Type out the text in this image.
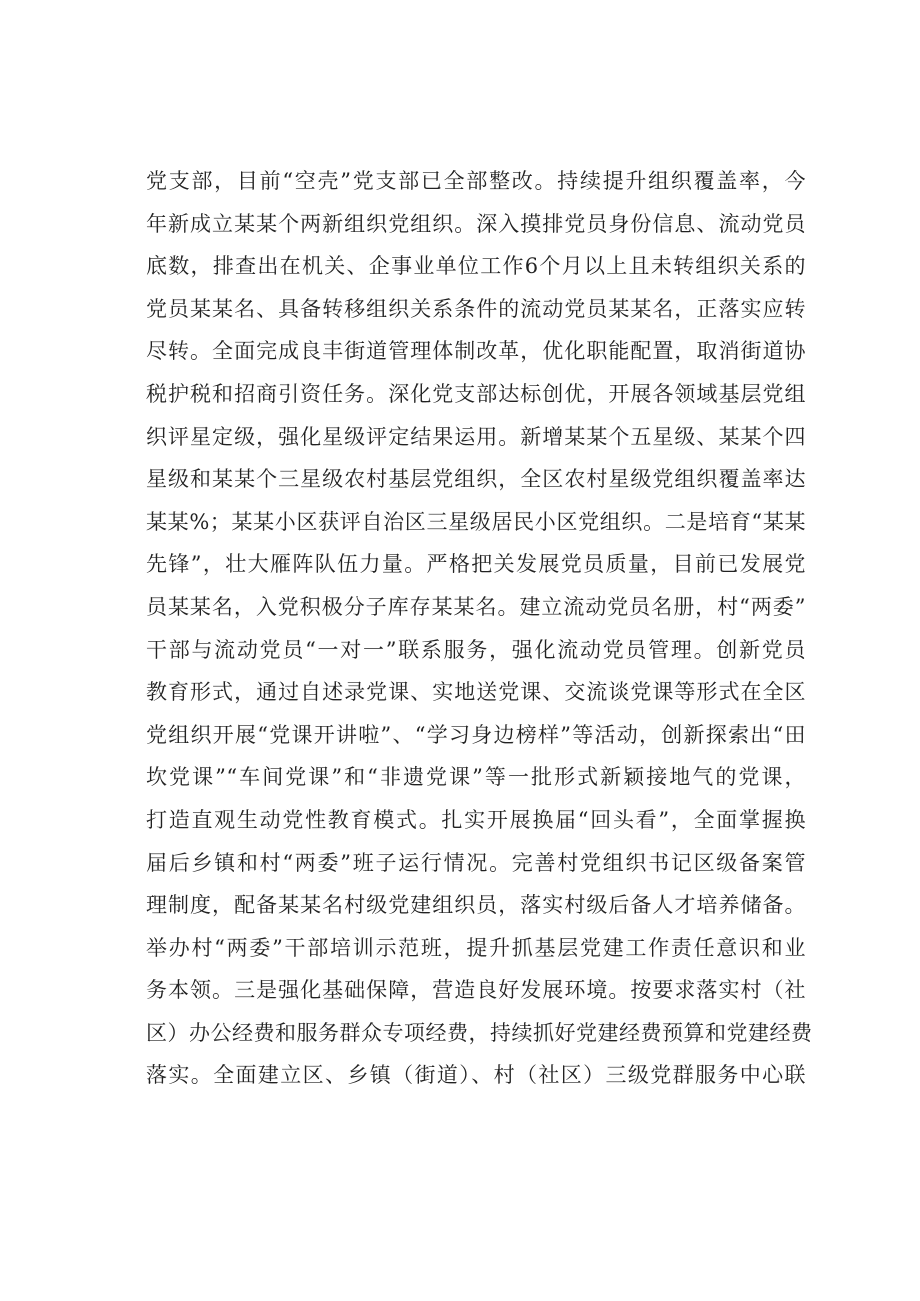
党支部，目前“空壳”党支部已全部整改。持续提升组织覆盖率，今
年新成立某某个两新组织党组织。深入摸排党员身份信息、流动党员
底数，排查出在机关、企事业单位工作6个月以上且未转组织关系的
党员某某名、具备转移组织关系条件的流动党员某某名，正落实应转
尽转。全面完成良丰街道管理体制改革，优化职能配置，取消街道协
税护税和招商引资任务。深化党支部达标创优，开展各领域基层党组
织评星定级，强化星级评定结果运用。新增某某个五星级、某某个四
星级和某某个三星级农村基层党组织，全区农村星级党组织覆盖率达
某某%；某某小区获评自治区三星级居民小区党组织。二是培育“某某
先锋”，壮大雁阵队伍力量。严格把关发展党员质量，目前已发展党
员某某名，入党积极分子库存某某名。建立流动党员名册，村“两委”
干部与流动党员“一对一”联系服务，强化流动党员管理。创新党员
教育形式，通过自述录党课、实地送党课、交流谈党课等形式在全区
党组织开展“党课开讲啦”、“学习身边榜样”等活动，创新探索出“田
坎党课”“车间党课”和“非遗党课”等一批形式新颖接地气的党课，
打造直观生动党性教育模式。扎实开展换届“回头看”，全面掌握换
届后乡镇和村“两委”班子运行情况。完善村党组织书记区级备案管
理制度，配备某某名村级党建组织员，落实村级后备人才培养储备。
举办村“两委”干部培训示范班，提升抓基层党建工作责任意识和业
务本领。三是强化基础保障，营造良好发展环境。按要求落实村（社
区）办公经费和服务群众专项经费，持续抓好党建经费预算和党建经费
落实。全面建立区、乡镇（街道）、村（社区）三级党群服务中心联
